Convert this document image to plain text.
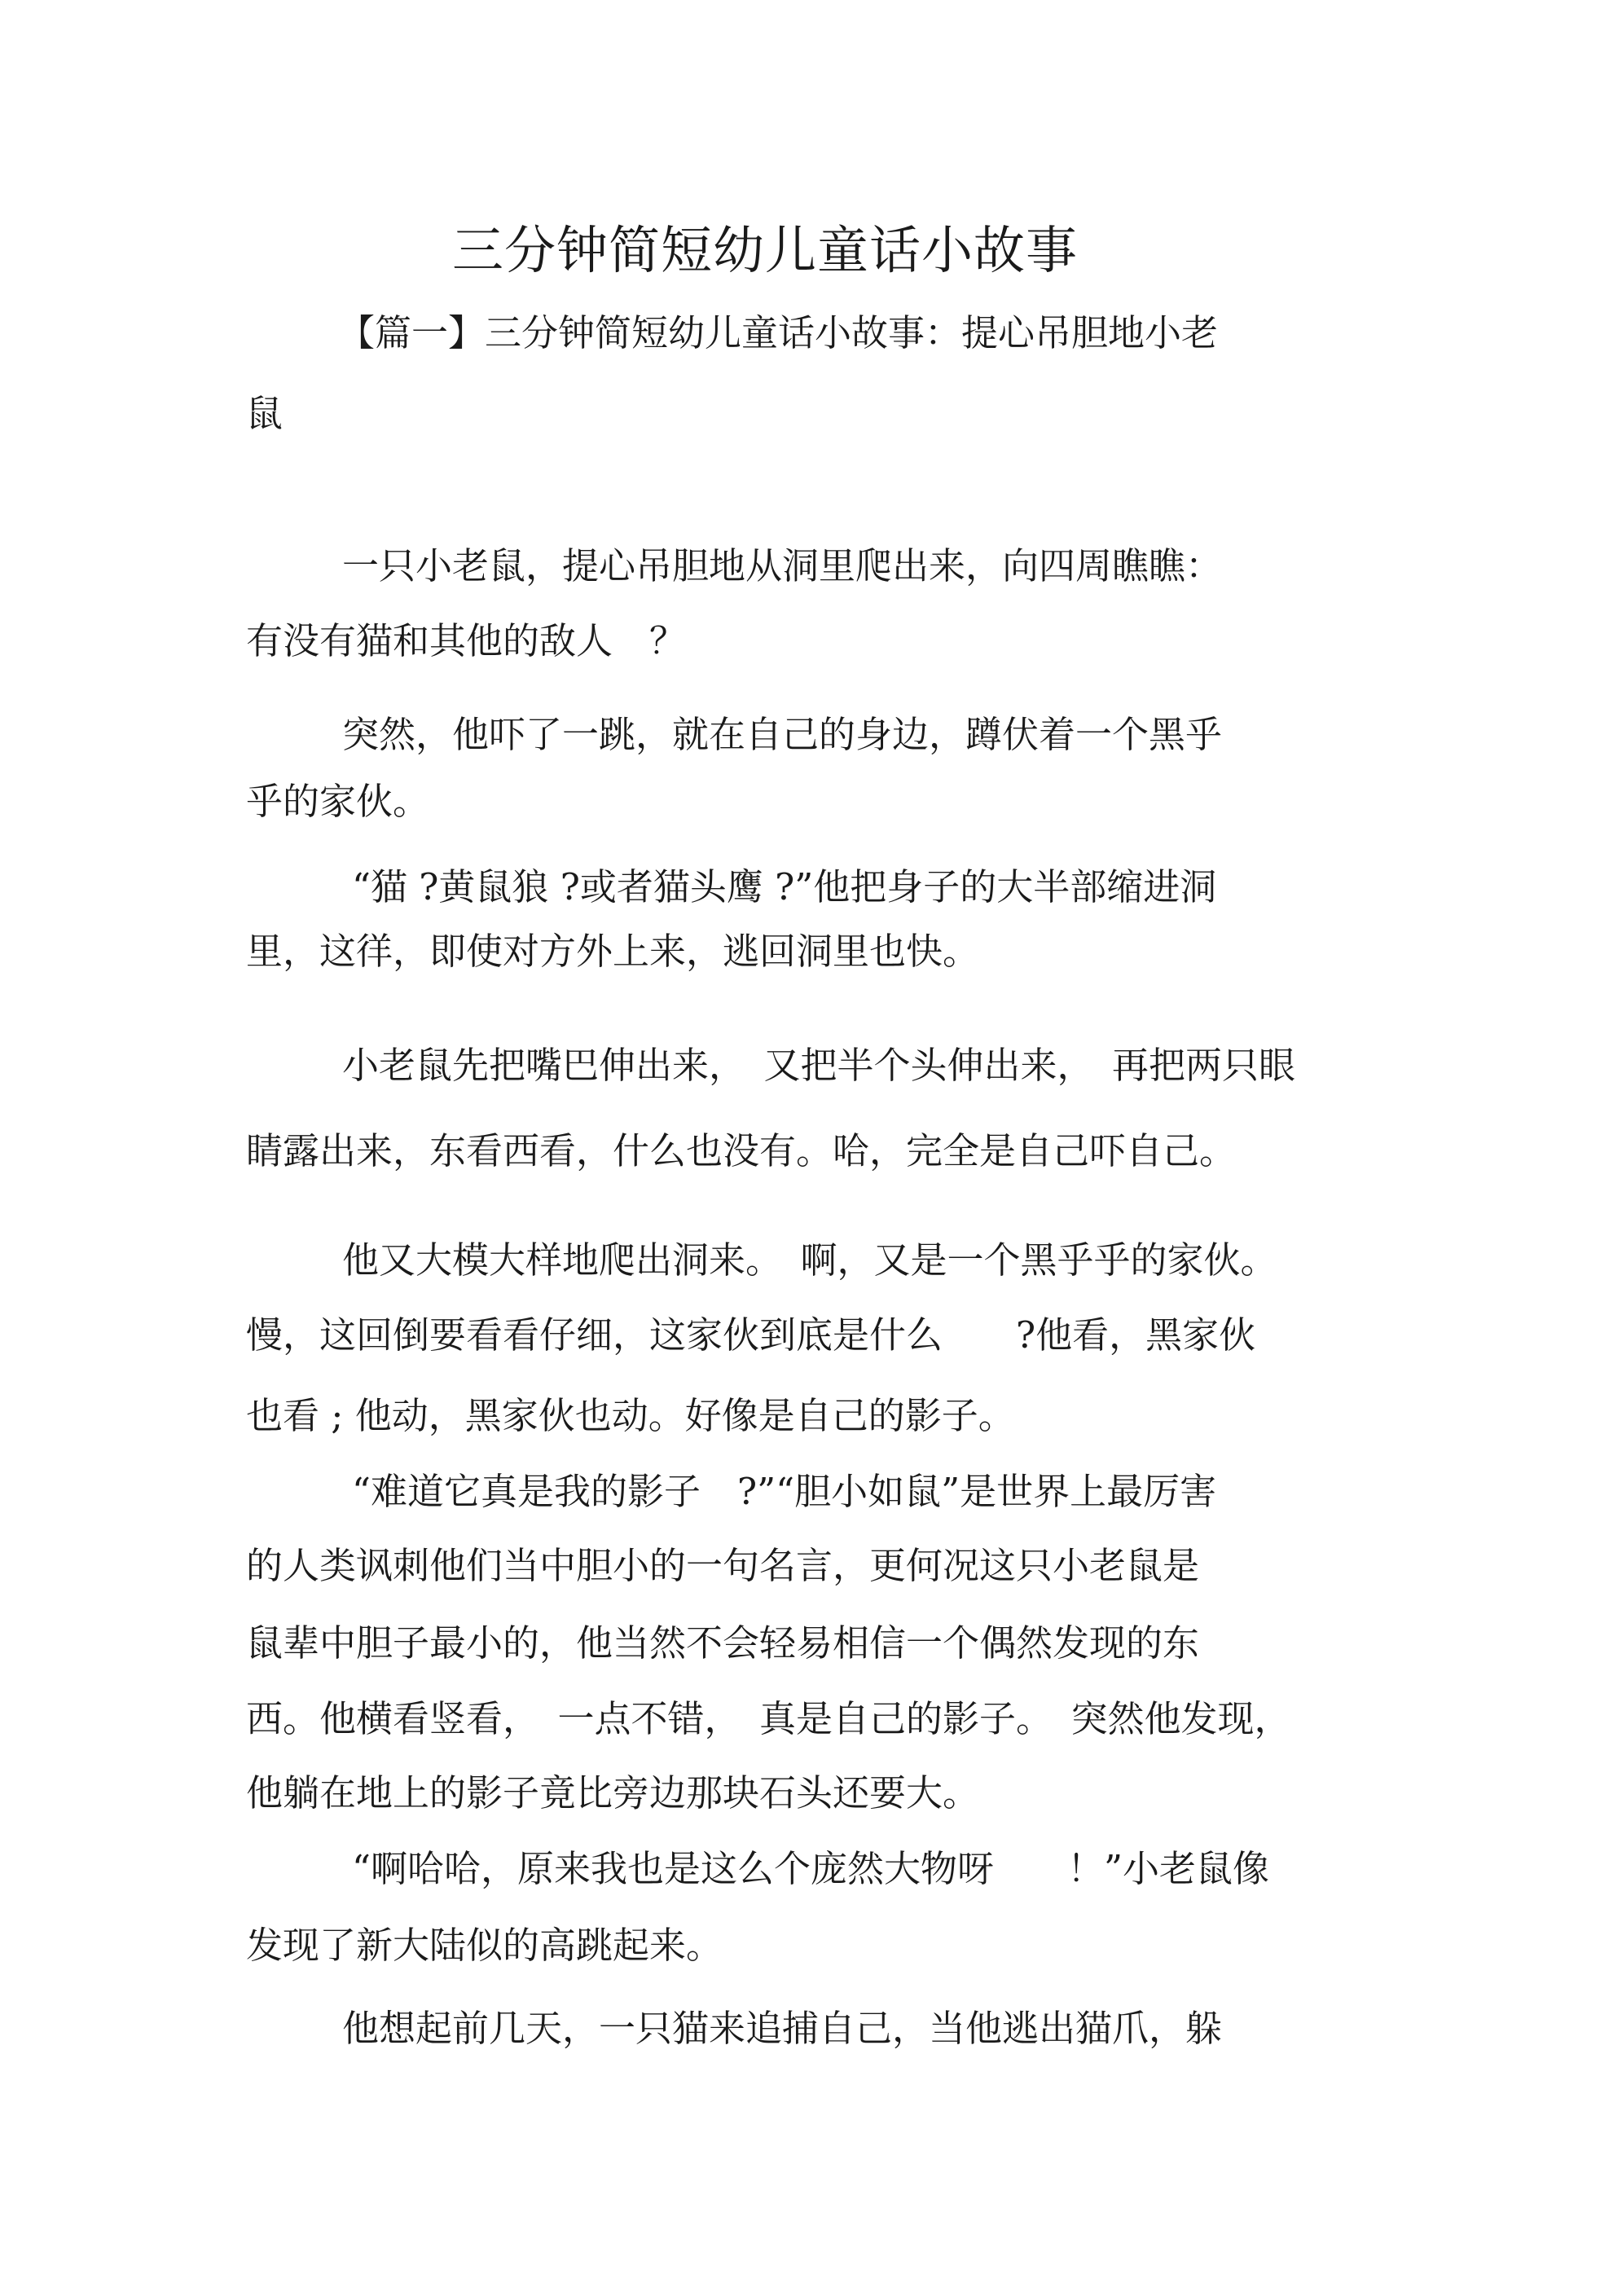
三分钟简短幼儿童话小故事
【篇一】三分钟简短幼儿童话小故事：提心吊胆地小老
鼠
一只小老鼠，提心吊胆地从洞里爬出来，向四周瞧瞧：
有没有猫和其他的敌人　？
突然，他吓了一跳，就在自己的身边，蹲伏着一个黑乎
乎的家伙。
“猫 ?黄鼠狼 ?或者猫头鹰 ?”他把身子的大半部缩进洞
里，这徉，即使对方外上来，逃回洞里也快。
小老鼠先把嘴巴伸出来，　又把半个头伸出来，　再把两只眼
睛露出来，东看西看，什么也没有。哈，完全是自己吓自己。
他又大模大样地爬出洞来。　啊，又是一个黑乎乎的家伙。
慢，这回倒要看看仔细，这家伙到底是什么　　?他看，黑家伙
也看 ; 他动，黑家伙也动。好像是自己的影子。
“难道它真是我的影子　?”“胆小如鼠”是世界上最厉害
的人类讽刺他们当中胆小的一句名言，更何况这只小老鼠是
鼠辈中胆子最小的，他当然不会轻易相信一个偶然发现的东
西。他横看竖看，　一点不错，　真是自己的影子。　突然他发现，
他躺在地上的影子竟比旁边那块石头还要大。
“啊哈哈，原来我也是这么个庞然大物呀　　！”小老鼠像
发现了新大陆似的高跳起来。
他想起前几天，一只猫来追捕自己，当他逃出猫爪，躲
